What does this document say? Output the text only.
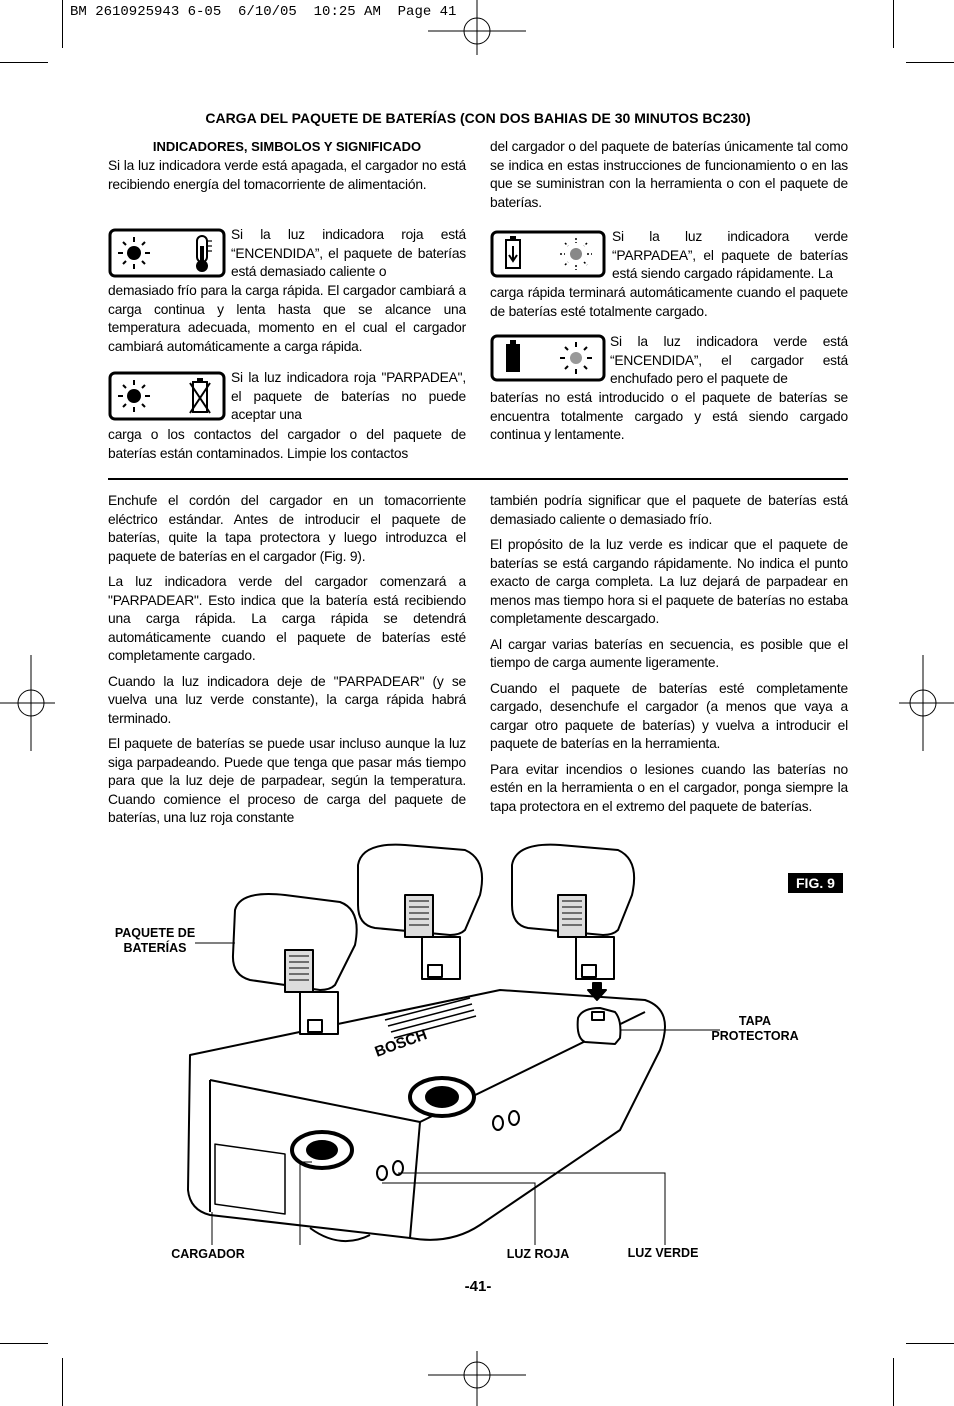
BM 2610925943 6-05  6/10/05  10:25 AM  Page 41
CARGA DEL PAQUETE DE BATERÍAS (CON DOS BAHIAS DE 30 MINUTOS BC230)
INDICADORES, SIMBOLOS Y SIGNIFICADO
Si la luz indicadora verde está apagada, el cargador no está recibiendo energía del tomacorriente de alimentación.
Si la luz indicadora roja está “ENCENDIDA”, el paquete de baterías está demasiado caliente o
demasiado frío para la carga rápida. El cargador cambiará a carga continua y lenta hasta que se alcance una temperatura adecuada, momento en el cual el cargador cambiará automáticamente a carga rápida.
Si la luz indicadora roja "PARPADEA", el paquete de baterías no puede aceptar una
carga o los contactos del cargador o del paquete de baterías están contaminados. Limpie los contactos
del cargador o del paquete de baterías únicamente tal como se indica en estas instrucciones de funcionamiento o en las que se suministran con la herramienta o con el paquete de baterías.
Si la luz indicadora verde “PARPADEA”, el paquete de baterías está siendo cargado rápidamente. La
carga rápida terminará automáticamente cuando el paquete de baterías esté totalmente cargado.
Si la luz indicadora verde está “ENCENDIDA”, el cargador está enchufado pero el paquete de
baterías no está introducido o el paquete de baterías se encuentra totalmente cargado y está siendo cargado continua y lentamente.

Enchufe el cordón del cargador en un tomacorriente eléctrico estándar. Antes de introducir el paquete de baterías, quite la tapa protectora y luego introduzca el paquete de baterías en el cargador (Fig. 9).

La luz indicadora verde del cargador comenzará a "PARPADEAR". Esto indica que la batería está recibiendo una carga rápida. La carga rápida se detendrá automáticamente cuando el paquete de baterías esté completamente cargado.

Cuando la luz indicadora deje de "PARPADEAR" (y se vuelva una luz verde constante), la carga rápida habrá terminado.

El paquete de baterías se puede usar incluso aunque la luz siga parpadeando. Puede que tenga que pasar más tiempo para que la luz deje de parpadear, según la temperatura. Cuando comience el proceso de carga del paquete de baterías, una luz roja constante

también podría significar que el paquete de baterías está demasiado caliente o demasiado frío.

El propósito de la luz verde es indicar que el paquete de baterías se está cargando rápidamente. No indica el punto exacto de carga completa. La luz dejará de parpadear en menos mas tiempo hora si el paquete de baterías no estaba completamente descargado.

Al cargar varias baterías en secuencia, es posible que el tiempo de carga aumente ligeramente.

Cuando el paquete de baterías esté completamente cargado, desenchufe el cargador (a menos que vaya a cargar otro paquete de baterías) y vuelva a introducir el paquete de baterías en la herramienta.

Para evitar incendios o lesiones cuando las baterías no estén en la herramienta o en el cargador, ponga siempre la tapa protectora en el extremo del paquete de baterías.

FIG. 9
BOSCH
PAQUETE DE
BATERÍAS
TAPA
PROTECTORA
CARGADOR	LUZ ROJA	LUZ VERDE
-41-
